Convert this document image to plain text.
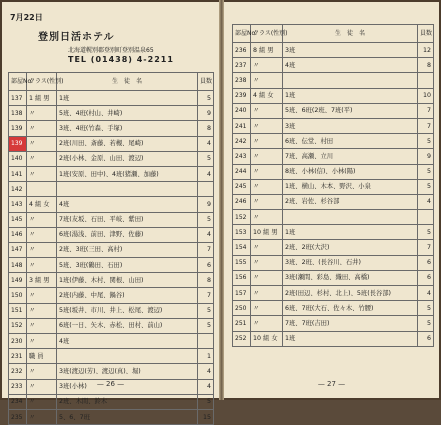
7月22日
登別日活ホテル
北海道幌別郡登別町登別温泉65
TEL (01438) 4-2211
部屋No.	クラス(性別)	生　徒　名	員数
137	1 組 男	1班	5
138	〃	5班、4班(村山、井崎)	9
139	〃	3班、4班(竹森、手塚)	8
139	〃	2班(川田、斎藤、若槻、尾崎)	4
140	〃	2班(小林、金原、山田、渡辺)	5
141	〃	1班(安原、田中)、4班(猪瀬、加藤)	4
142			
143	4 組 女	4班	9
145	〃	7班(友坂、石田、平岐、紫田)	5
146	〃	6班(湯浅、前田、津野、佐藤)	4
147	〃	2班、3班(三田、高村)	7
148	〃	5班、3班(鶴田、石田)	6
149	3 組 男	1班(伊藤、木村、関根、山田)	8
150	〃	2班(内藤、中尾、鍋谷)	7
151	〃	5班(坂井、市川、井上、松尾、渡辺)	5
152	〃	6班(一日、矢木、赤松、田村、前山)	5
230	〃	4班	
231	職 員		1
232	〃	3班(渡辺(芳)、渡辺(真)、堀)	4
233	〃	3班(小林)	4
234	〃	2班、木間、鈴木	5
235	〃	5、6、7班	15
— 26 —
部屋No.	クラス(性別)	生　徒　名	員数
236	8 組 男	3班	12
237	〃	4班	8
238	〃		
239	4 組 女	1班	10
240	〃	5班、6班(2班、7班(平)	7
241	〃	3班	7
242	〃	6班、伝堂、村田	5
243	〃	7班、高瀬、立川	9
244	〃	8班、小林(信)、小林(陽)	5
245	〃	1班、横山、木本、野沢、小泉	5
246	〃	2班、岩佐、杉谷部	4
152	〃		
153	10 組 男	1班	5
154	〃	2班、2班(大沢)	7
155	〃	3班、2班、(長谷川、石井)	6
156	〃	3班(瀬間、彩島、織田、高橋)	6
157	〃	2班(田辺、杉村、北上)、5班(長谷部)	4
250	〃	6班、7班(大石、佐々木、竹腰)	5
251	〃	7班、7班(吉田)	5
252	10 組 女	1班	6
— 27 —
